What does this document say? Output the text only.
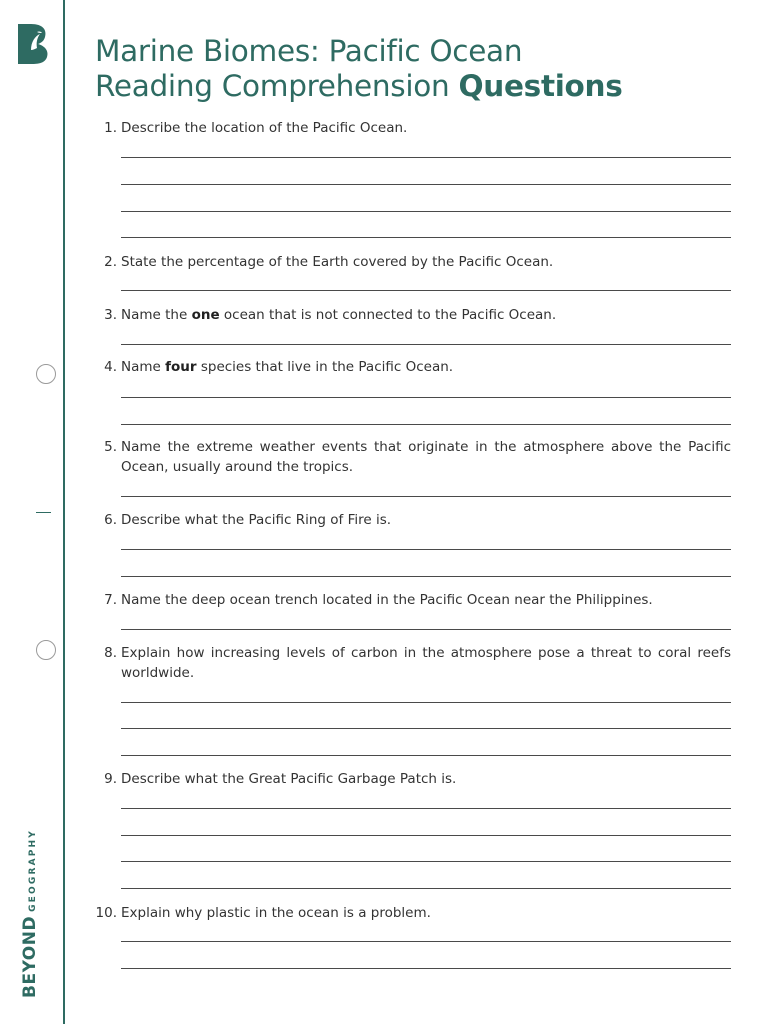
BEYONDGEOGRAPHY
Marine Biomes: Pacific Ocean
Reading Comprehension Questions
1. Describe the location of the Pacific Ocean.
2. State the percentage of the Earth covered by the Pacific Ocean.
3. Name the one ocean that is not connected to the Pacific Ocean.
4. Name four species that live in the Pacific Ocean.
5. Name the extreme weather events that originate in the atmosphere above the Pacific Ocean, usually around the tropics.
6. Describe what the Pacific Ring of Fire is.
7. Name the deep ocean trench located in the Pacific Ocean near the Philippines.
8. Explain how increasing levels of carbon in the atmosphere pose a threat to coral reefs worldwide.
9. Describe what the Great Pacific Garbage Patch is.
10. Explain why plastic in the ocean is a problem.
